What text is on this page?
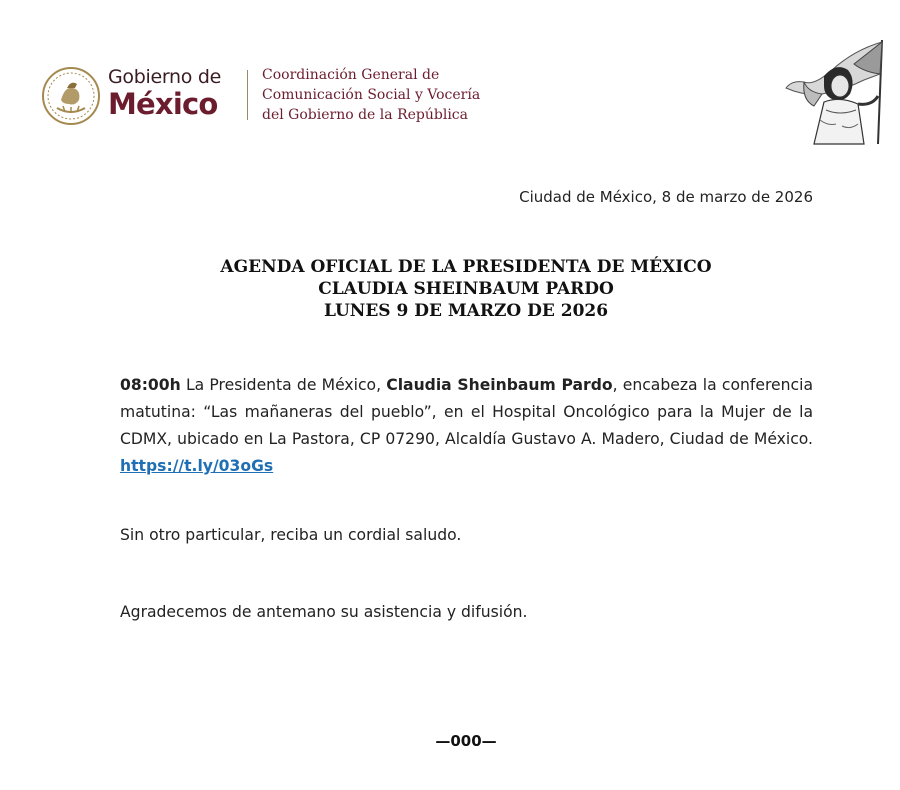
Gobierno de
México
Coordinación General de
Comunicación Social y Vocería
del Gobierno de la República
Ciudad de México, 8 de marzo de 2026
AGENDA OFICIAL DE LA PRESIDENTA DE MÉXICO
CLAUDIA SHEINBAUM PARDO
LUNES 9 DE MARZO DE 2026
08:00h La Presidenta de México, Claudia Sheinbaum Pardo, encabeza la conferencia matutina: “Las mañaneras del pueblo”, en el Hospital Oncológico para la Mujer de la CDMX, ubicado en La Pastora, CP 07290, Alcaldía Gustavo A. Madero, Ciudad de México. https://t.ly/03oGs
Sin otro particular, reciba un cordial saludo.
Agradecemos de antemano su asistencia y difusión.
—000—
